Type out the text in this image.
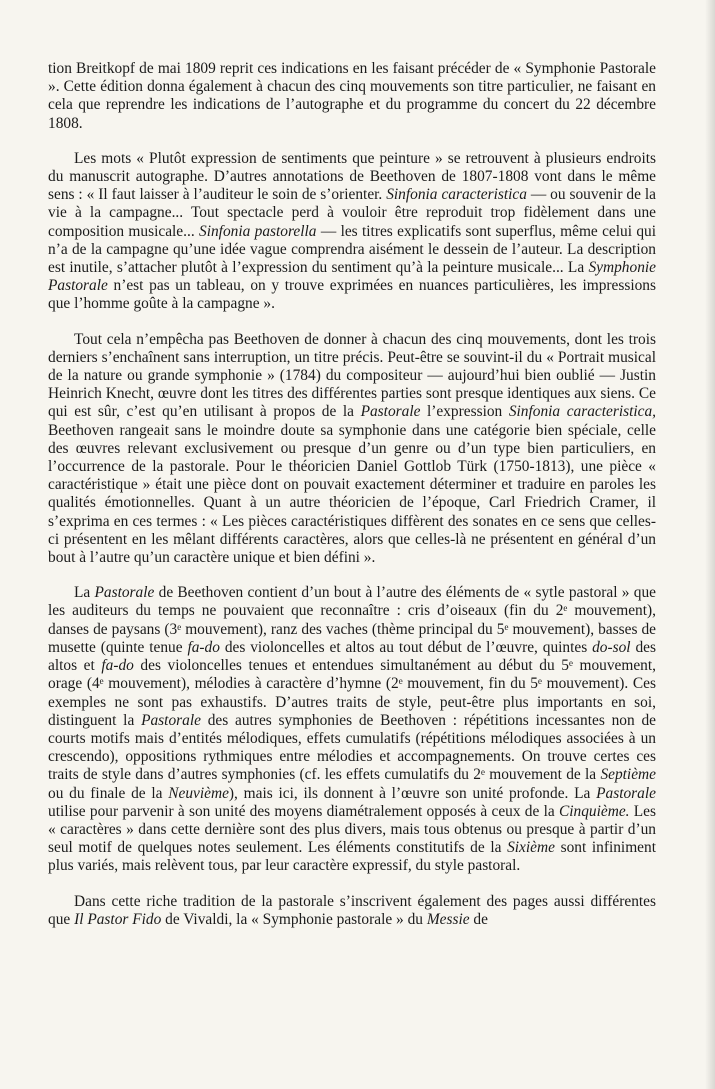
tion Breitkopf de mai 1809 reprit ces indications en les faisant précéder de « Symphonie Pastorale ». Cette édition donna également à chacun des cinq mouvements son titre particulier, ne faisant en cela que reprendre les indications de l’autographe et du programme du concert du 22 décembre 1808.

Les mots « Plutôt expression de sentiments que peinture » se retrouvent à plusieurs endroits du manuscrit autographe. D’autres annotations de Beethoven de 1807-1808 vont dans le même sens : « Il faut laisser à l’auditeur le soin de s’orienter. Sinfonia caracteristica — ou souvenir de la vie à la campagne... Tout spectacle perd à vouloir être reproduit trop fidèlement dans une composition musicale... Sinfonia pastorella — les titres explicatifs sont superflus, même celui qui n’a de la campagne qu’une idée vague comprendra aisément le dessein de l’auteur. La description est inutile, s’attacher plutôt à l’expression du sentiment qu’à la peinture musicale... La Symphonie Pastorale n’est pas un tableau, on y trouve exprimées en nuances particulières, les impressions que l’homme goûte à la campagne ».

Tout cela n’empêcha pas Beethoven de donner à chacun des cinq mouvements, dont les trois derniers s’enchaînent sans interruption, un titre précis. Peut-être se souvint-il du « Portrait musical de la nature ou grande symphonie » (1784) du compositeur — aujourd’hui bien oublié — Justin Heinrich Knecht, œuvre dont les titres des différentes parties sont presque identiques aux siens. Ce qui est sûr, c’est qu’en utilisant à propos de la Pastorale l’expression Sinfonia caracteristica, Beethoven rangeait sans le moindre doute sa symphonie dans une catégorie bien spéciale, celle des œuvres relevant exclusivement ou presque d’un genre ou d’un type bien particuliers, en l’occurrence de la pastorale. Pour le théoricien Daniel Gottlob Türk (1750-1813), une pièce « caractéristique » était une pièce dont on pouvait exactement déterminer et traduire en paroles les qualités émotionnelles. Quant à un autre théoricien de l’époque, Carl Friedrich Cramer, il s’exprima en ces termes : « Les pièces caractéristiques diffèrent des sonates en ce sens que celles-ci présentent en les mêlant différents caractères, alors que celles-là ne présentent en général d’un bout à l’autre qu’un caractère unique et bien défini ».

La Pastorale de Beethoven contient d’un bout à l’autre des éléments de « sytle pastoral » que les auditeurs du temps ne pouvaient que reconnaître : cris d’oiseaux (fin du 2ᵉ mouvement), danses de paysans (3ᵉ mouvement), ranz des vaches (thème principal du 5ᵉ mouvement), basses de musette (quinte tenue fa-do des violoncelles et altos au tout début de l’œuvre, quintes do-sol des altos et fa-do des violoncelles tenues et entendues simultanément au début du 5ᵉ mouvement, orage (4ᵉ mouvement), mélodies à caractère d’hymne (2ᵉ mouvement, fin du 5ᵉ mouvement). Ces exemples ne sont pas exhaustifs. D’autres traits de style, peut-être plus importants en soi, distinguent la Pastorale des autres symphonies de Beethoven : répétitions incessantes non de courts motifs mais d’entités mélodiques, effets cumulatifs (répétitions mélodiques associées à un crescendo), oppositions rythmiques entre mélodies et accompagnements. On trouve certes ces traits de style dans d’autres symphonies (cf. les effets cumulatifs du 2ᵉ mouvement de la Septième ou du finale de la Neuvième), mais ici, ils donnent à l’œuvre son unité profonde. La Pastorale utilise pour parvenir à son unité des moyens diamétralement opposés à ceux de la Cinquième. Les « caractères » dans cette dernière sont des plus divers, mais tous obtenus ou presque à partir d’un seul motif de quelques notes seulement. Les éléments constitutifs de la Sixième sont infiniment plus variés, mais relèvent tous, par leur caractère expressif, du style pastoral.

Dans cette riche tradition de la pastorale s’inscrivent également des pages aussi différentes que Il Pastor Fido de Vivaldi, la « Symphonie pastorale » du Messie de
